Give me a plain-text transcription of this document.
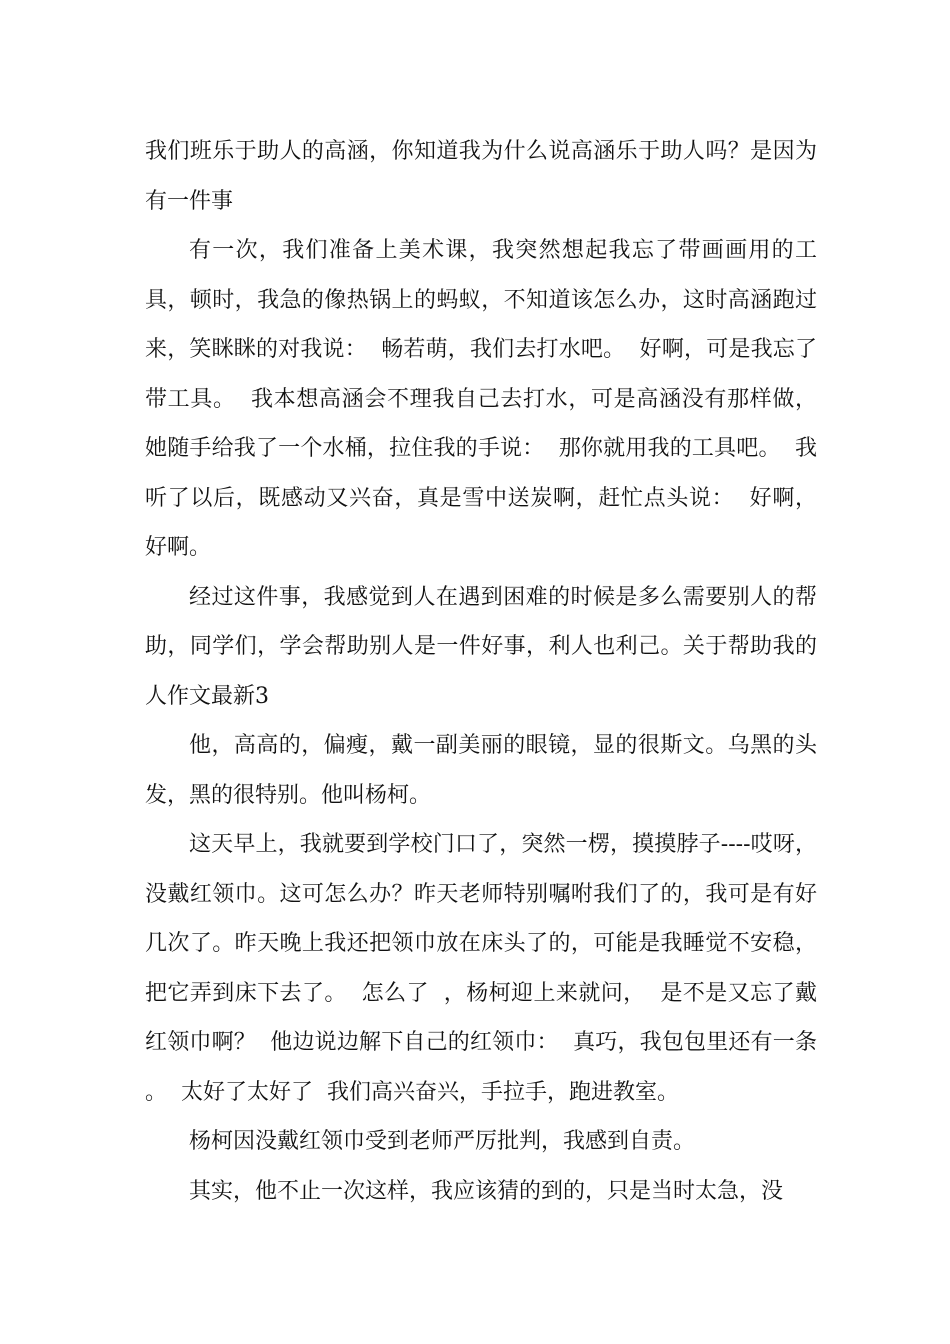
我们班乐于助人的高涵，你知道我为什么说高涵乐于助人吗？是因为有一件事

有一次，我们准备上美术课，我突然想起我忘了带画画用的工具，顿时，我急的像热锅上的蚂蚁，不知道该怎么办，这时高涵跑过来，笑眯眯的对我说：  畅若萌，我们去打水吧。  好啊，可是我忘了带工具。  我本想高涵会不理我自己去打水，可是高涵没有那样做，她随手给我了一个水桶，拉住我的手说：  那你就用我的工具吧。  我听了以后，既感动又兴奋，真是雪中送炭啊，赶忙点头说：  好啊，好啊。

经过这件事，我感觉到人在遇到困难的时候是多么需要别人的帮助，同学们，学会帮助别人是一件好事，利人也利己。关于帮助我的人作文最新3

他，高高的，偏瘦，戴一副美丽的眼镜，显的很斯文。乌黑的头发，黑的很特别。他叫杨柯。

这天早上，我就要到学校门口了，突然一楞，摸摸脖子----哎呀，没戴红领巾。这可怎么办？昨天老师特别嘱咐我们了的，我可是有好几次了。昨天晚上我还把领巾放在床头了的，可能是我睡觉不安稳，把它弄到床下去了。  怎么了  ，杨柯迎上来就问，  是不是又忘了戴红领巾啊？  他边说边解下自己的红领巾：  真巧，我包包里还有一条  。  太好了太好了  我们高兴奋兴，手拉手，跑进教室。

杨柯因没戴红领巾受到老师严厉批判，我感到自责。

其实，他不止一次这样，我应该猜的到的，只是当时太急，没
